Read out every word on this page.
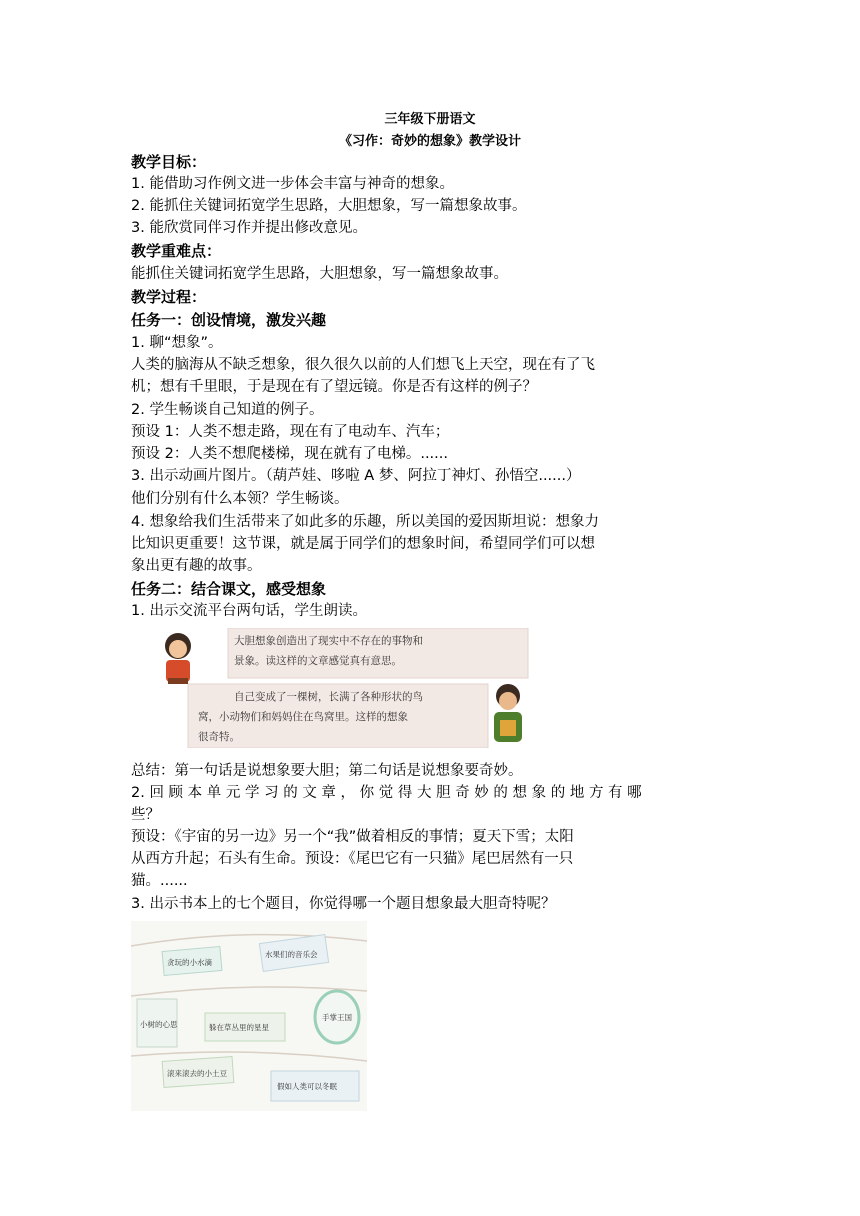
三年级下册语文
《习作：奇妙的想象》教学设计
教学目标：
1. 能借助习作例文进一步体会丰富与神奇的想象。
2. 能抓住关键词拓宽学生思路，大胆想象，写一篇想象故事。
3. 能欣赏同伴习作并提出修改意见。
教学重难点：
能抓住关键词拓宽学生思路，大胆想象，写一篇想象故事。
教学过程：
任务一：创设情境，激发兴趣
1. 聊“想象”。
人类的脑海从不缺乏想象，很久很久以前的人们想飞上天空，现在有了飞
机；想有千里眼，于是现在有了望远镜。你是否有这样的例子？
2. 学生畅谈自己知道的例子。
预设 1：人类不想走路，现在有了电动车、汽车；
预设 2：人类不想爬楼梯，现在就有了电梯。......
3. 出示动画片图片。（葫芦娃、哆啦 A 梦、阿拉丁神灯、孙悟空......）
他们分别有什么本领？学生畅谈。
4. 想象给我们生活带来了如此多的乐趣，所以美国的爱因斯坦说：想象力
比知识更重要！这节课，就是属于同学们的想象时间，希望同学们可以想
象出更有趣的故事。
任务二：结合课文，感受想象
1. 出示交流平台两句话，学生朗读。
大胆想象创造出了现实中不存在的事物和
景象。读这样的文章感觉真有意思。
自己变成了一棵树，长满了各种形状的鸟
窝，小动物们和妈妈住在鸟窝里。这样的想象
很奇特。
总结：第一句话是说想象要大胆；第二句话是说想象要奇妙。
2. 回 顾 本 单 元 学 习 的 文 章 ， 你 觉 得 大 胆 奇 妙 的 想 象 的 地 方 有 哪
些？
预设：《宇宙的另一边》另一个“我”做着相反的事情；夏天下雪；太阳
从西方升起；石头有生命。预设：《尾巴它有一只猫》尾巴居然有一只
猫。......
3. 出示书本上的七个题目，你觉得哪一个题目想象最大胆奇特呢？
贪玩的小水滴
水果们的音乐会
小树的心思	躲在草丛里的星星
手掌王国
滚来滚去的小土豆
假如人类可以冬眠
